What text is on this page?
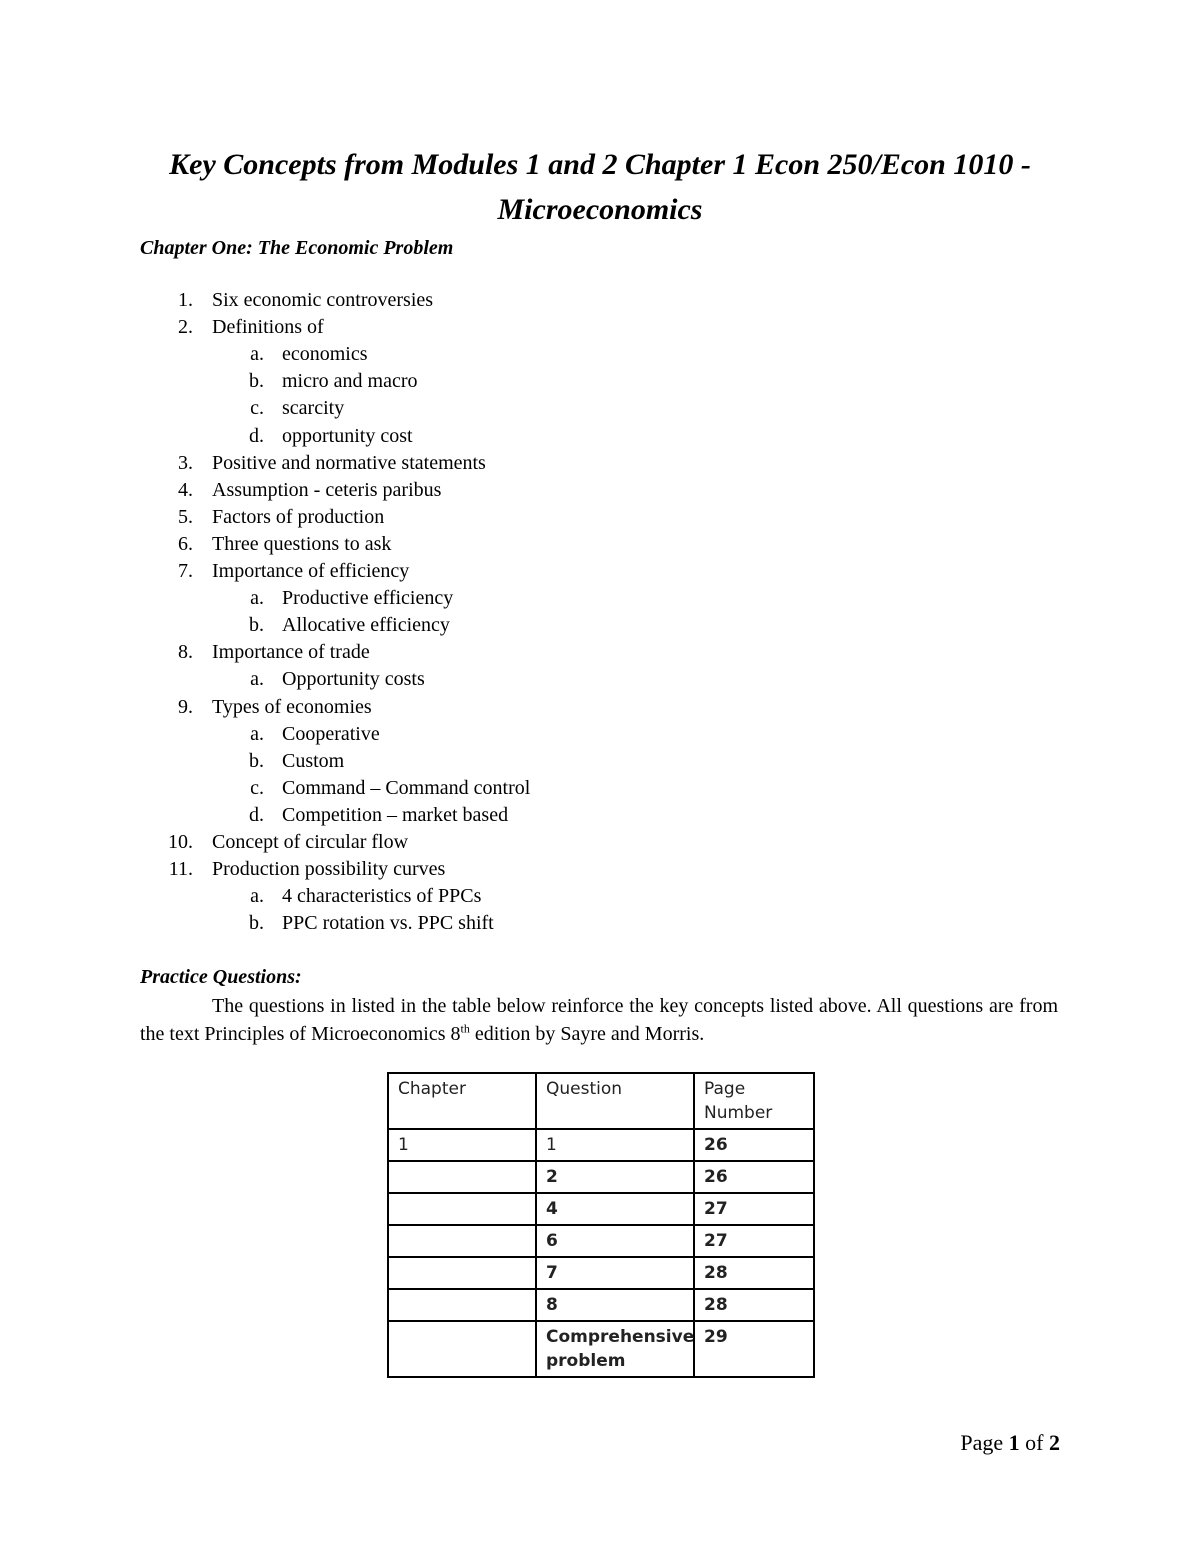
Key Concepts from Modules 1 and 2 Chapter 1 Econ 250/Econ 1010 - Microeconomics
Chapter One: The Economic Problem
1. Six economic controversies
2. Definitions of
a. economics
b. micro and macro
c. scarcity
d. opportunity cost
3. Positive and normative statements
4. Assumption - ceteris paribus
5. Factors of production
6. Three questions to ask
7. Importance of efficiency
a. Productive efficiency
b. Allocative efficiency
8. Importance of trade
a. Opportunity costs
9. Types of economies
a. Cooperative
b. Custom
c. Command – Command control
d. Competition – market based
10. Concept of circular flow
11. Production possibility curves
a. 4 characteristics of PPCs
b. PPC rotation vs. PPC shift
Practice Questions:

The questions in listed in the table below reinforce the key concepts listed above. All questions are from the text Principles of Microeconomics 8th edition by Sayre and Morris.

Chapter	Question	Page Number
1	1	26
	2	26
	4	27
	6	27
	7	28
	8	28
	Comprehensive problem	29

Page 1 of 2
